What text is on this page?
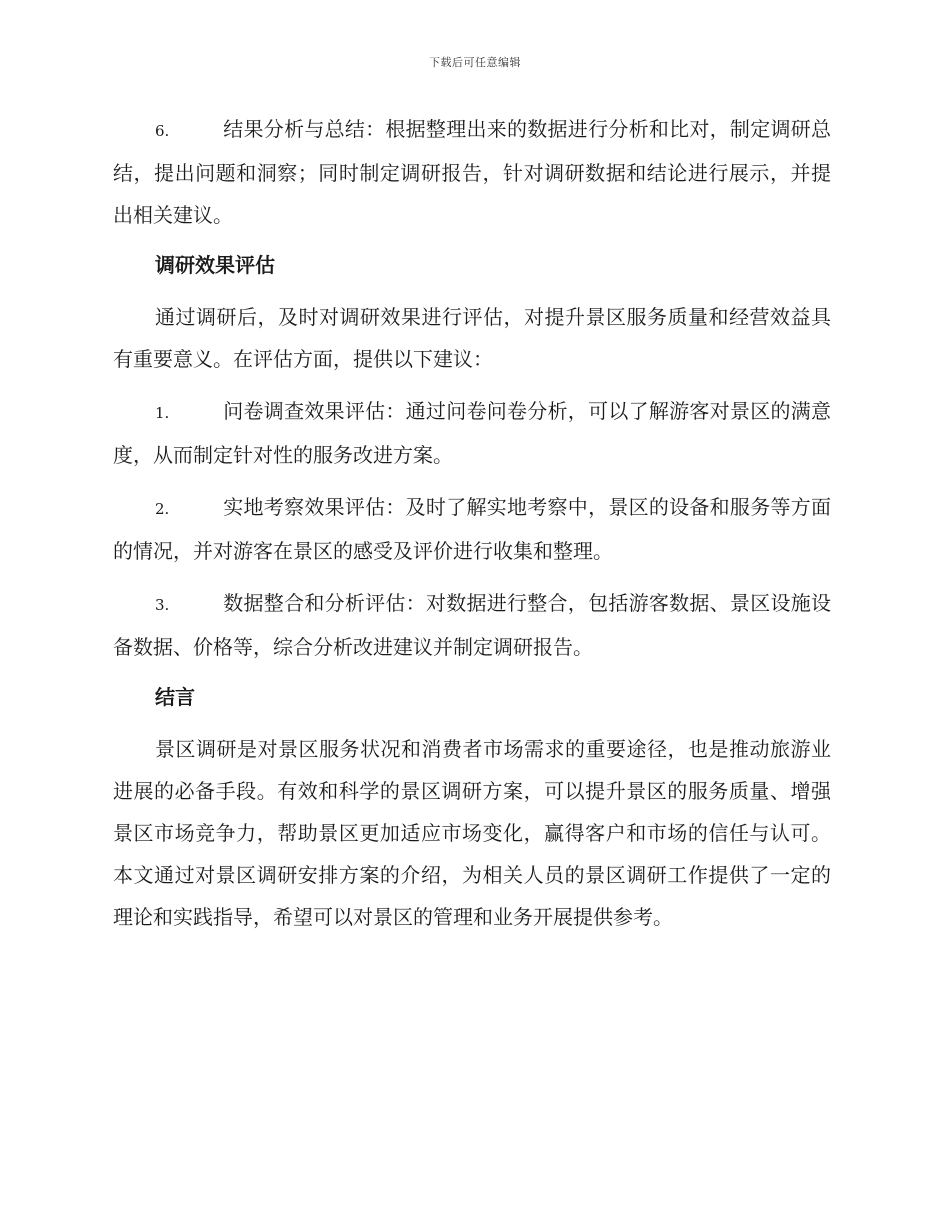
下载后可任意编辑

6.	结果分析与总结：根据整理出来的数据进行分析和比对，制定调研总结，提出问题和洞察；同时制定调研报告，针对调研数据和结论进行展示，并提出相关建议。

调研效果评估

通过调研后，及时对调研效果进行评估，对提升景区服务质量和经营效益具有重要意义。在评估方面，提供以下建议：

1.	问卷调查效果评估：通过问卷问卷分析，可以了解游客对景区的满意度，从而制定针对性的服务改进方案。

2.	实地考察效果评估：及时了解实地考察中，景区的设备和服务等方面的情况，并对游客在景区的感受及评价进行收集和整理。

3.	数据整合和分析评估：对数据进行整合，包括游客数据、景区设施设备数据、价格等，综合分析改进建议并制定调研报告。

结言

景区调研是对景区服务状况和消费者市场需求的重要途径，也是推动旅游业进展的必备手段。有效和科学的景区调研方案，可以提升景区的服务质量、增强景区市场竞争力，帮助景区更加适应市场变化，赢得客户和市场的信任与认可。本文通过对景区调研安排方案的介绍，为相关人员的景区调研工作提供了一定的理论和实践指导，希望可以对景区的管理和业务开展提供参考。
